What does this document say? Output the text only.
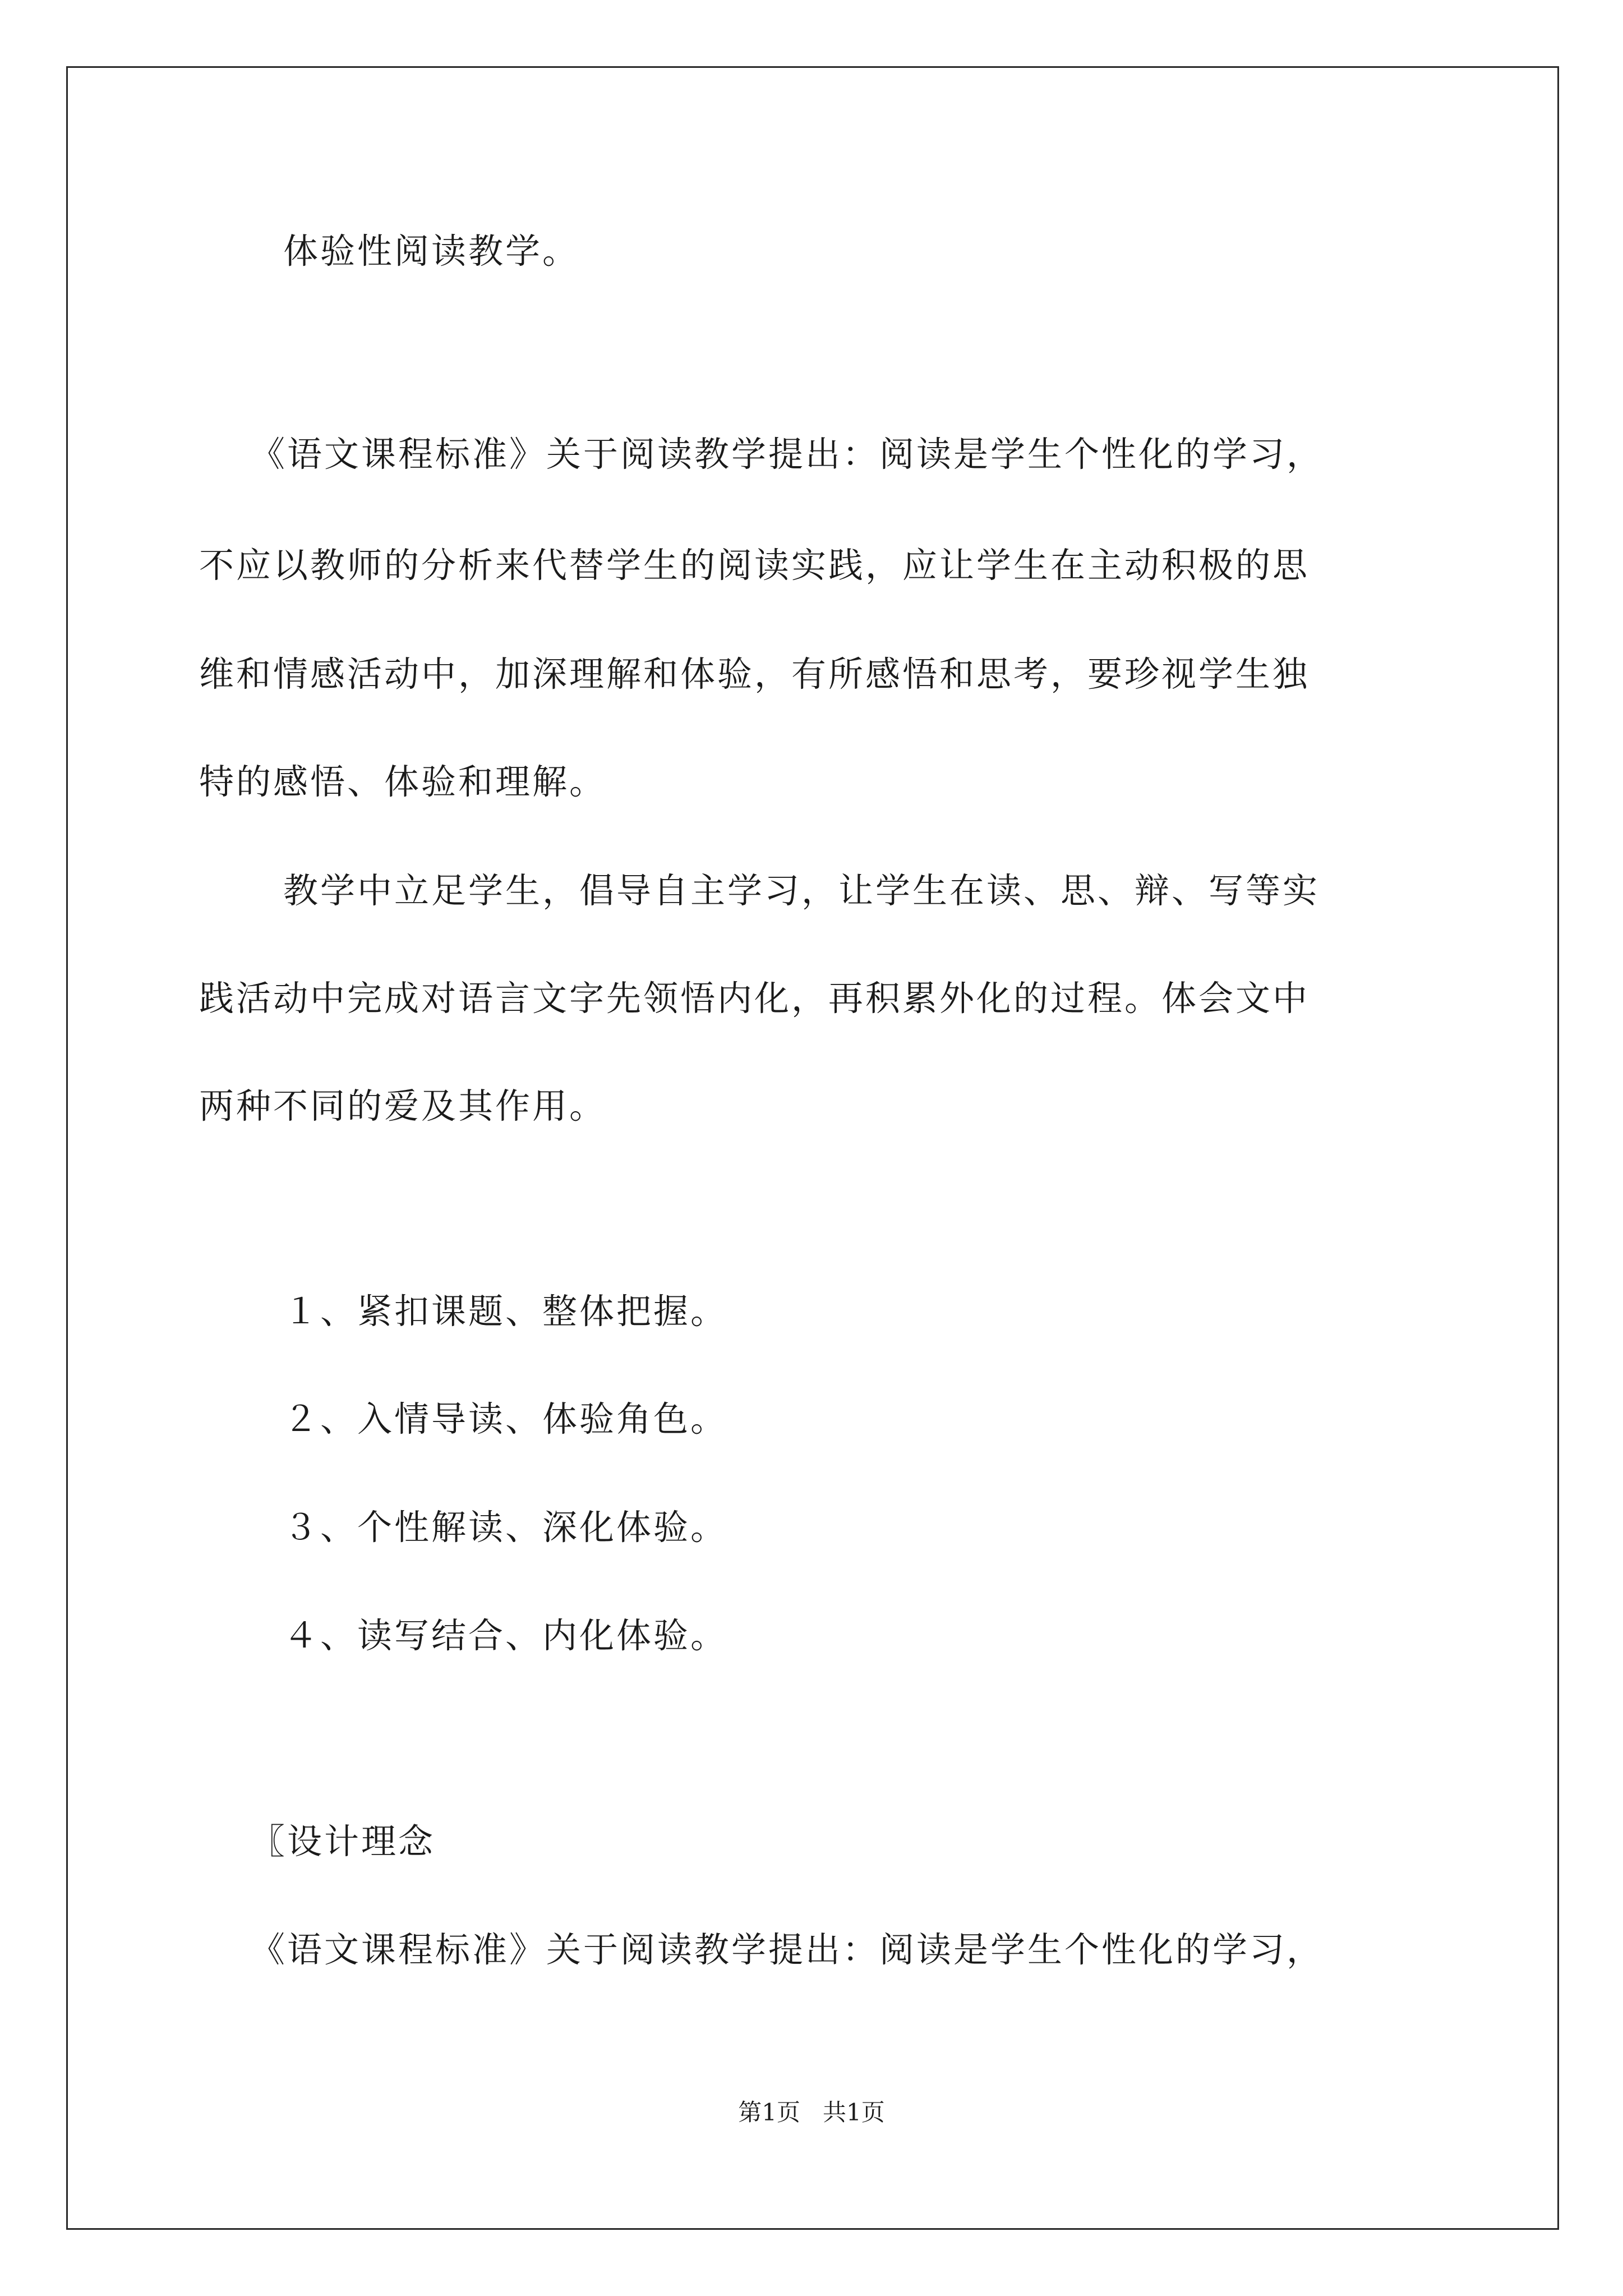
体验性阅读教学。

《语文课程标准》关于阅读教学提出：阅读是学生个性化的学习，

不应以教师的分析来代替学生的阅读实践，应让学生在主动积极的思

维和情感活动中，加深理解和体验，有所感悟和思考，要珍视学生独

特的感悟、体验和理解。

教学中立足学生，倡导自主学习，让学生在读、思、辩、写等实

践活动中完成对语言文字先领悟内化，再积累外化的过程。体会文中

两种不同的爱及其作用。

１、紧扣课题、整体把握。

２、入情导读、体验角色。

３、个性解读、深化体验。

４、读写结合、内化体验。

〖设计理念

《语文课程标准》关于阅读教学提出：阅读是学生个性化的学习，

第1页   共1页
